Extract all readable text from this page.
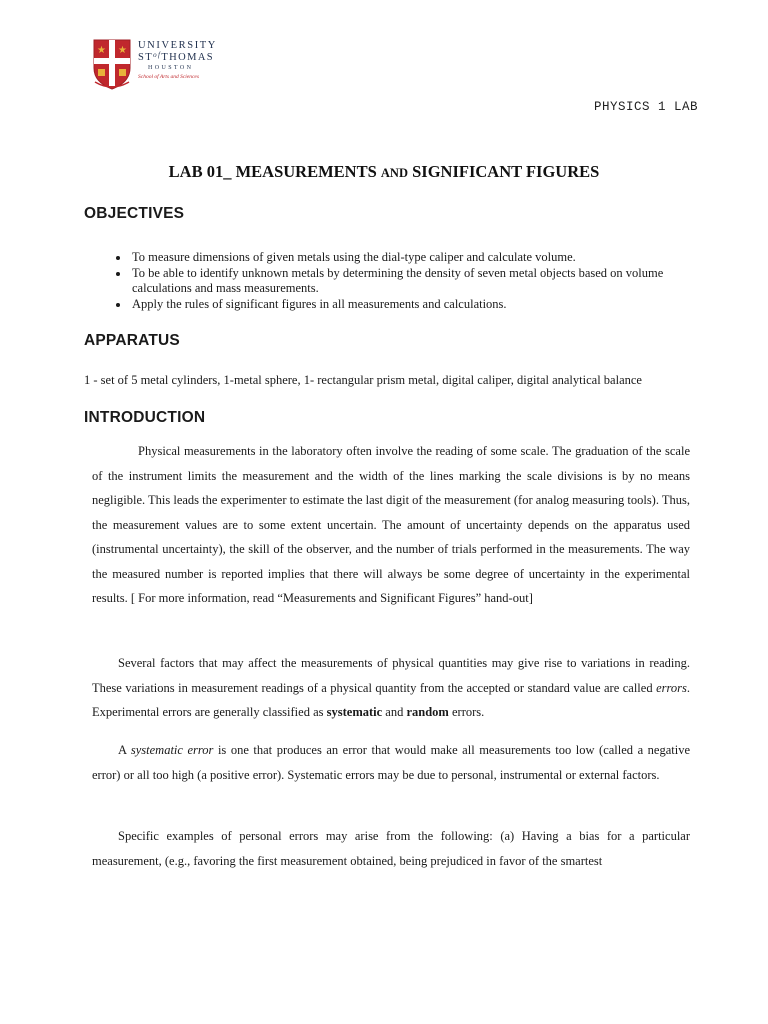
★ ★ UNIVERSITY
$ST^{of}THOMAS$
HOUSTON
School of Arts and Sciences
PHYSICS 1 LAB
LAB 01_ MEASUREMENTS AND SIGNIFICANT FIGURES
OBJECTIVES
• To measure dimensions of given metals using the dial-type caliper and calculate volume.
• To be able to identify unknown metals by determining the density of seven metal objects based on volume calculations and mass measurements.
• Apply the rules of significant figures in all measurements and calculations.
APPARATUS
1 - set of 5 metal cylinders, 1-metal sphere, 1- rectangular prism metal, digital caliper, digital analytical balance
INTRODUCTION

Physical measurements in the laboratory often involve the reading of some scale. The graduation of the scale of the instrument limits the measurement and the width of the lines marking the scale divisions is by no means negligible. This leads the experimenter to estimate the last digit of the measurement (for analog measuring tools). Thus, the measurement values are to some extent uncertain. The amount of uncertainty depends on the apparatus used (instrumental uncertainty), the skill of the observer, and the number of trials performed in the measurements. The way the measured number is reported implies that there will always be some degree of uncertainty in the experimental results. [ For more information, read “Measurements and Significant Figures” hand-out]

Several factors that may affect the measurements of physical quantities may give rise to variations in reading. These variations in measurement readings of a physical quantity from the accepted or standard value are called errors. Experimental errors are generally classified as systematic and random errors.

A systematic error is one that produces an error that would make all measurements too low (called a negative error) or all too high (a positive error). Systematic errors may be due to personal, instrumental or external factors.

Specific examples of personal errors may arise from the following: (a) Having a bias for a particular measurement, (e.g., favoring the first measurement obtained, being prejudiced in favor of the smartest
